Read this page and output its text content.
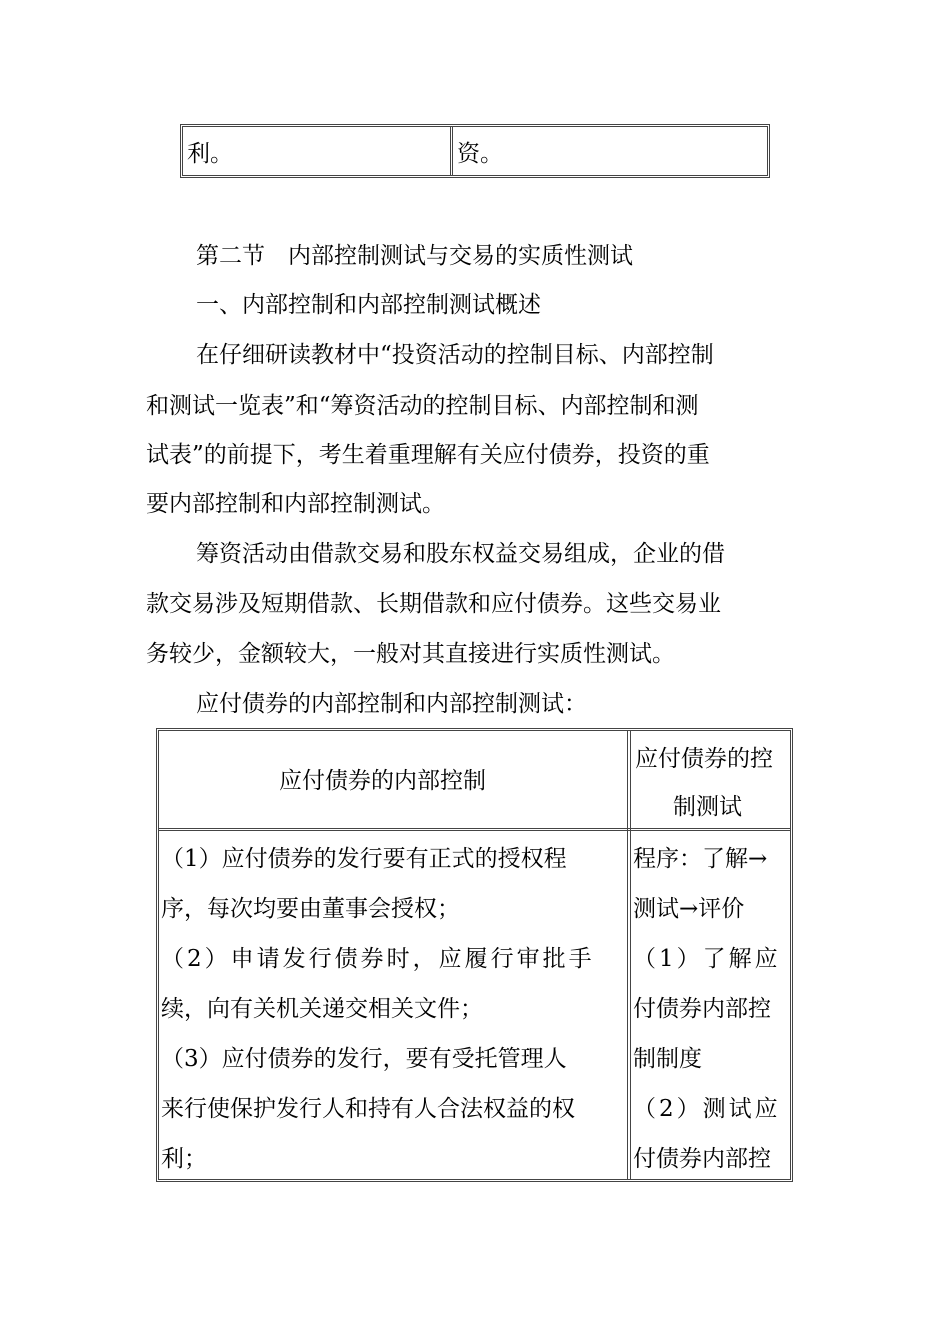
利。	资。
第二节　内部控制测试与交易的实质性测试
一、内部控制和内部控制测试概述
在仔细研读教材中“投资活动的控制目标、内部控制
和测试一览表”和“筹资活动的控制目标、内部控制和测
试表”的前提下，考生着重理解有关应付债券，投资的重
要内部控制和内部控制测试。
筹资活动由借款交易和股东权益交易组成，企业的借
款交易涉及短期借款、长期借款和应付债券。这些交易业
务较少，金额较大，一般对其直接进行实质性测试。
应付债券的内部控制和内部控制测试：
应付债券的内部控制
应付债券的控
制测试
（1）应付债券的发行要有正式的授权程
序，每次均要由董事会授权；
（2）申请发行债券时，应履行审批手
续，向有关机关递交相关文件；
（3）应付债券的发行，要有受托管理人
来行使保护发行人和持有人合法权益的权
利；
程序：了解→
测试→评价
（1）了解应
付债券内部控
制制度
（2）测试应
付债券内部控
